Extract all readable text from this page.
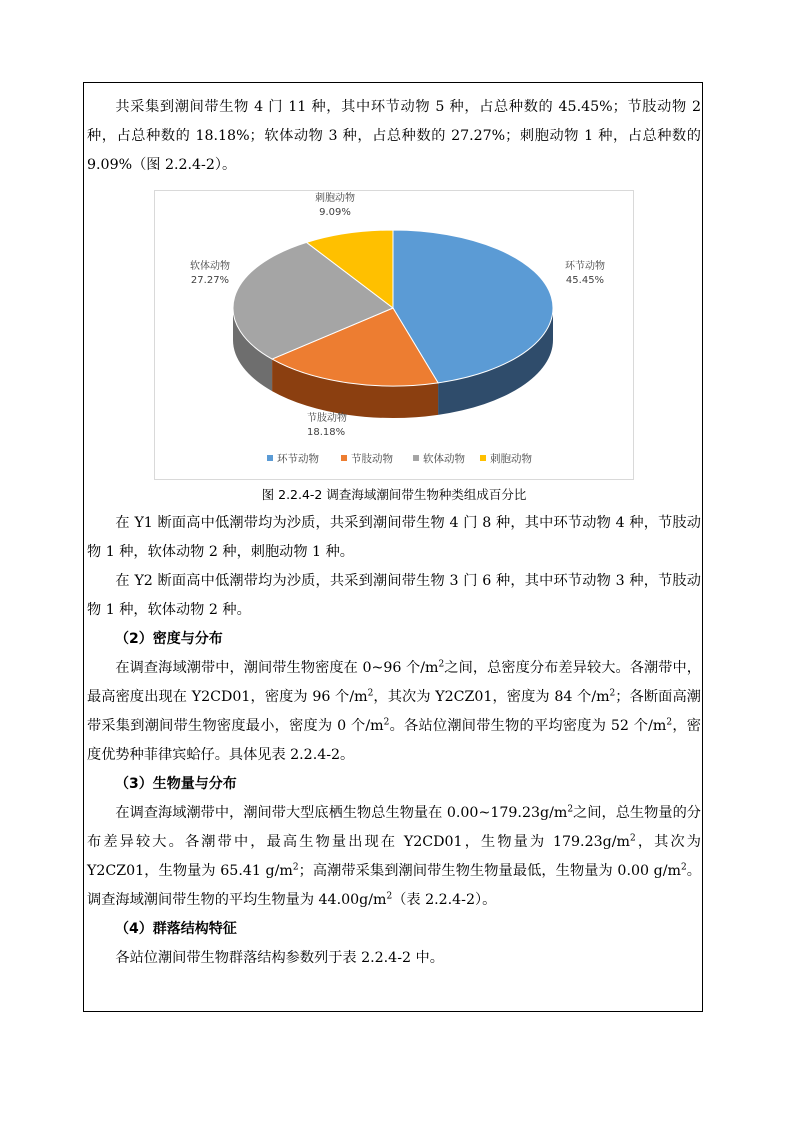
共采集到潮间带生物 4 门 11 种，其中环节动物 5 种，占总种数的 45.45%；节肢动物 2 种，占总种数的 18.18%；软体动物 3 种，占总种数的 27.27%；刺胞动物 1 种，占总种数的 9.09%（图 2.2.4-2）。

环节动物
45.45%
节肢动物
18.18%
软体动物
27.27%
刺胞动物
9.09%
环节动物	节肢动物	软体动物 刺胞动物
图 2.2.4-2 调查海域潮间带生物种类组成百分比

在 Y1 断面高中低潮带均为沙质，共采到潮间带生物 4 门 8 种，其中环节动物 4 种，节肢动物 1 种，软体动物 2 种，刺胞动物 1 种。

在 Y2 断面高中低潮带均为沙质，共采到潮间带生物 3 门 6 种，其中环节动物 3 种，节肢动物 1 种，软体动物 2 种。

（2）密度与分布

在调查海域潮带中，潮间带生物密度在 0~96 个$/m^2$之间，总密度分布差异较大。各潮带中，最高密度出现在 Y2CD01，密度为 96 个$/m^2$，其次为 Y2CZ01，密度为 84 个$/m^2$；各断面高潮带采集到潮间带生物密度最小，密度为 0 个$/m^2$。各站位潮间带生物的平均密度为 52 个$/m^2$，密度优势种菲律宾蛤仔。具体见表 2.2.4-2。

（3）生物量与分布

在调查海域潮带中，潮间带大型底栖生物总生物量在 $0.00\sim 179.23g/m^2$之间，总生物量的分布差异较大。各潮带中，最高生物量出现在 Y2CD01，生物量为 $179.23g/m^2$，其次为 Y2CZ01，生物量为 65.41 $g/m^2$；高潮带采集到潮间带生物生物量最低，生物量为 0.00 $g/m^2$。调查海域潮间带生物的平均生物量为 $44.00g/m^2$（表 2.2.4-2）。

（4）群落结构特征

各站位潮间带生物群落结构参数列于表 2.2.4-2 中。
